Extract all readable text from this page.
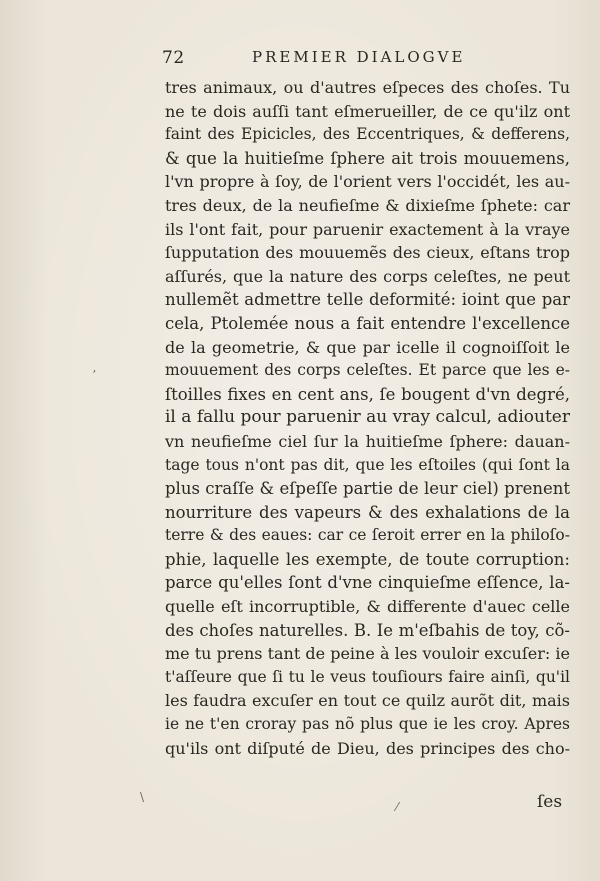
72	PREMIER DIALOGVE
tres animaux, ou d'autres eſpeces des choſes. Tu
ne te dois auſſi tant eſmerueiller, de ce qu'ilz ont
faint des Epicicles, des Eccentriques, & defferens,
& que la huitieſme ſphere ait trois mouuemens,
l'vn propre à ſoy, de l'orient vers l'occidét, les au-
tres deux, de la neufieſme & dixieſme ſphete: car
ils l'ont fait, pour paruenir exactement à la vraye
ſupputation des mouuemẽs des cieux, eſtans trop
aſſurés, que la nature des corps celeſtes, ne peut
nullemẽt admettre telle deformité: ioint que par
cela, Ptolemée nous a fait entendre l'excellence
de la geometrie, & que par icelle il cognoiſſoit le
mouuement des corps celeſtes. Et parce que les e-
ſtoilles fixes en cent ans, ſe bougent d'vn degré,
il a fallu pour paruenir au vray calcul, adiouter
vn neufieſme ciel ſur la huitieſme ſphere: dauan-
tage tous n'ont pas dit, que les eſtoiles (qui ſont la
plus craſſe & eſpeſſe partie de leur ciel) prenent
nourriture des vapeurs & des exhalations de la
terre & des eaues: car ce ſeroit errer en la philoſo-
phie, laquelle les exempte, de toute corruption:
parce qu'elles ſont d'vne cinquieſme eſſence, la-
quelle eſt incorruptible, & differente d'auec celle
des choſes naturelles. B. Ie m'eſbahis de toy, cõ-
me tu prens tant de peine à les vouloir excuſer: ie
t'aſſeure que ſi tu le veus touſiours faire ainſi, qu'il
les faudra excuſer en tout ce quilz aurõt dit, mais
ie ne t'en croray pas nõ plus que ie les croy. Apres
qu'ils ont diſputé de Dieu, des principes des cho-
ſes
ʼ
\
⁄
